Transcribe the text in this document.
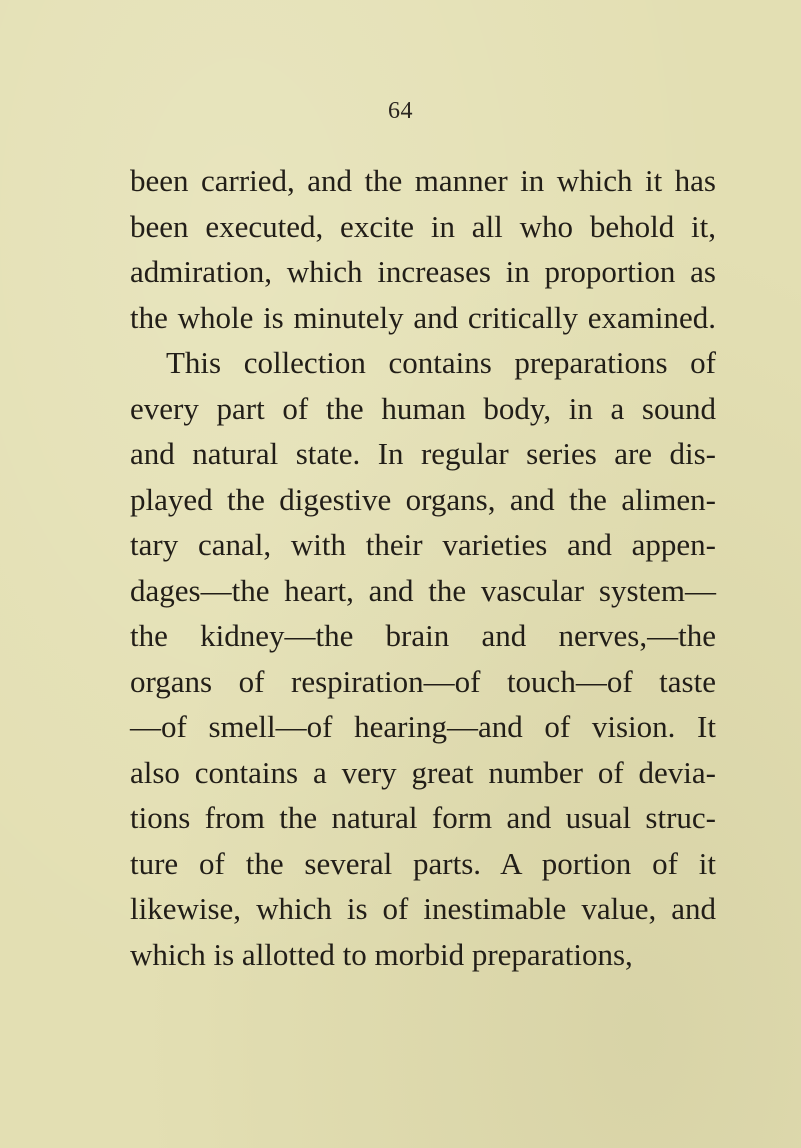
64
been carried, and the manner in which it has
been executed, excite in all who behold it,
admiration, which increases in proportion as
the whole is minutely and critically examined.
This collection contains preparations of
every part of the human body, in a sound
and natural state. In regular series are dis-
played the digestive organs, and the alimen-
tary canal, with their varieties and appen-
dages—the heart, and the vascular system—
the kidney—the brain and nerves,—the
organs of respiration—of touch—of taste
—of smell—of hearing—and of vision. It
also contains a very great number of devia-
tions from the natural form and usual struc-
ture of the several parts. A portion of it
likewise, which is of inestimable value, and
which is allotted to morbid preparations,
